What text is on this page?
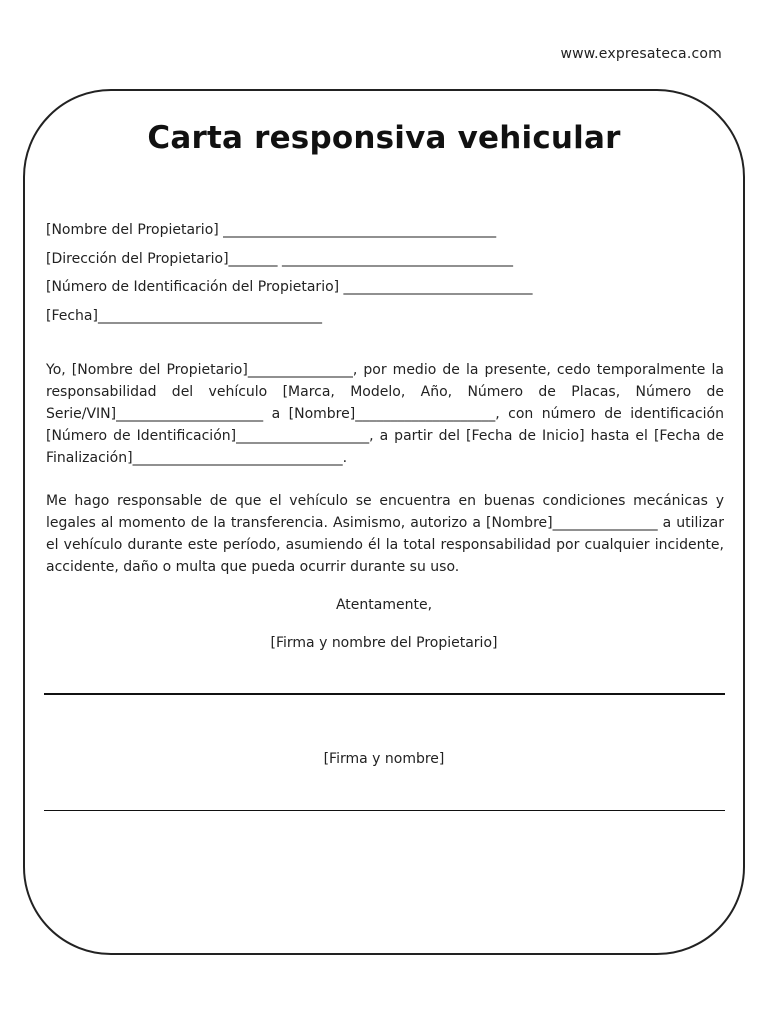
www.expresateca.com
Carta responsiva vehicular
[Nombre del Propietario] _______________________________________
[Dirección del Propietario]_______ _________________________________
[Número de Identificación del Propietario] ___________________________
[Fecha]________________________________
Yo, [Nombre del Propietario]_______________, por medio de la presente, cedo temporalmente la responsabilidad del vehículo [Marca, Modelo, Año, Número de Placas, Número de Serie/VIN]_____________________ a [Nombre]____________________, con número de identificación [Número de Identificación]___________________, a partir del [Fecha de Inicio] hasta el [Fecha de Finalización]______________________________.
Me hago responsable de que el vehículo se encuentra en buenas condiciones mecánicas y legales al momento de la transferencia. Asimismo, autorizo a [Nombre]_______________ a utilizar el vehículo durante este período, asumiendo él la total responsabilidad por cualquier incidente, accidente, daño o multa que pueda ocurrir durante su uso.
Atentamente,
[Firma y nombre del Propietario]
[Firma y nombre]
